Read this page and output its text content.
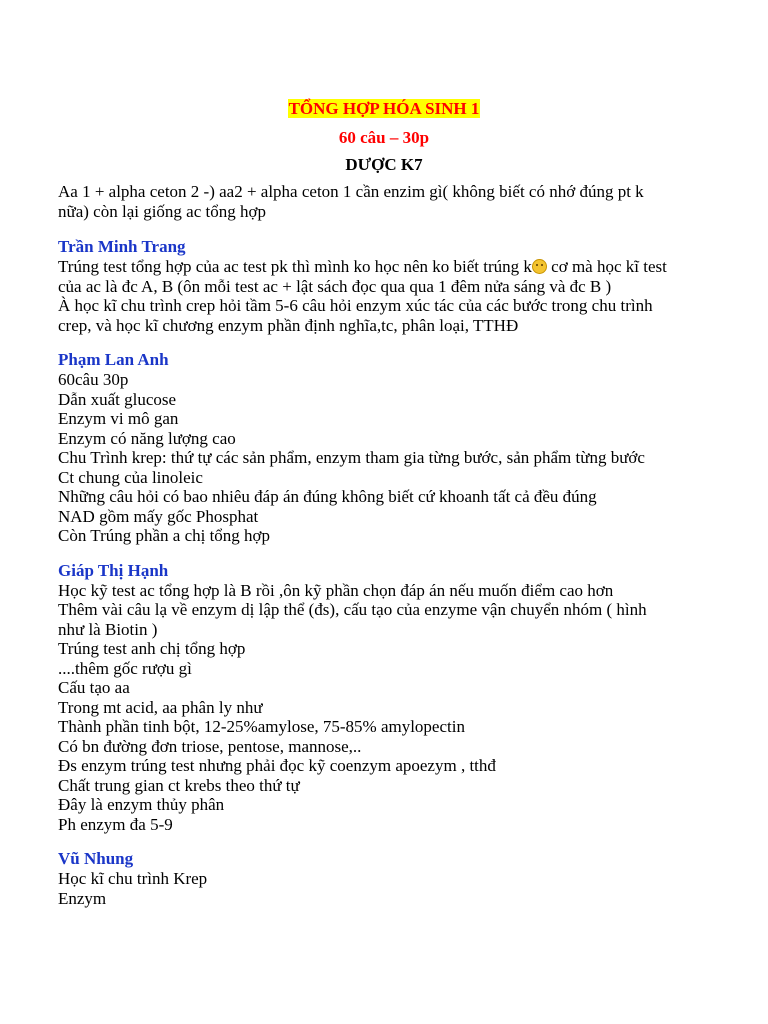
TỔNG HỢP HÓA SINH 1
60 câu – 30p
DƯỢC K7
Aa 1 + alpha ceton 2 -) aa2 + alpha ceton 1 cần enzim gì( không biết có nhớ đúng pt k
nữa) còn lại giống ac tổng hợp
Trần Minh Trang
Trúng test tổng hợp của ac test pk thì mình ko học nên ko biết trúng k cơ mà học kĩ test
của ac là đc A, B (ôn mỗi test ac + lật sách đọc qua qua 1 đêm nửa sáng và đc B )
À học kĩ chu trình crep hỏi tầm 5-6 câu hỏi enzym xúc tác của các bước trong chu trình
crep, và học kĩ chương enzym phần định nghĩa,tc, phân loại, TTHĐ
Phạm Lan Anh
60câu 30p
Dẫn xuất glucose
Enzym vi mô gan
Enzym có năng lượng cao
Chu Trình krep: thứ tự các sản phẩm, enzym tham gia từng bước, sản phẩm từng bước
Ct chung của linoleic
Những câu hỏi có bao nhiêu đáp án đúng không biết cứ khoanh tất cả đều đúng
NAD gồm mấy gốc Phosphat
Còn Trúng phần a chị tổng hợp
Giáp Thị Hạnh
Học kỹ test ac tổng hợp là B rồi ,ôn kỹ phần chọn đáp án nếu muốn điểm cao hơn
Thêm vài câu lạ về enzym dị lập thể (đs), cấu tạo của enzyme vận chuyển nhóm ( hình
như là Biotin )
Trúng test anh chị tổng hợp
....thêm gốc rượu gì
Cấu tạo aa
Trong mt acid, aa phân ly như
Thành phần tinh bột, 12-25%amylose, 75-85% amylopectin
Có bn đường đơn triose, pentose, mannose,..
Đs enzym trúng test nhưng phải đọc kỹ coenzym apoezym , tthđ
Chất trung gian ct krebs theo thứ tự
Đây là enzym thủy phân
Ph enzym đa 5-9
Vũ Nhung
Học kĩ chu trình Krep
Enzym
